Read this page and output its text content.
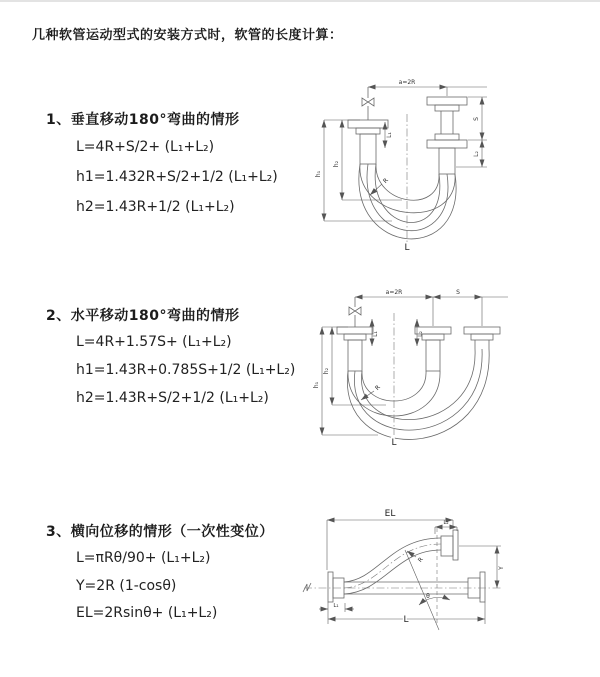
几种软管运动型式的安装方式时，软管的长度计算：
1、垂直移动180°弯曲的情形
L=4R+S/2+ (L₁+L₂)
h1=1.432R+S/2+1/2 (L₁+L₂)
h2=1.43R+1/2 (L₁+L₂)
a=2R
h₁
h₂
L₁
S
L₂
R
L
2、水平移动180°弯曲的情形
L=4R+1.57S+ (L₁+L₂)
h1=1.43R+0.785S+1/2 (L₁+L₂)
h2=1.43R+S/2+1/2 (L₁+L₂)
a=2R	S
h₁
h₂
L₁	L₂
R
L
3、横向位移的情形（一次性变位）
L=πRθ/90+ (L₁+L₂)
Y=2R (1-cosθ)
EL=2Rsinθ+ (L₁+L₂)
EL
L₂
θ
R
Y
L
L₁
